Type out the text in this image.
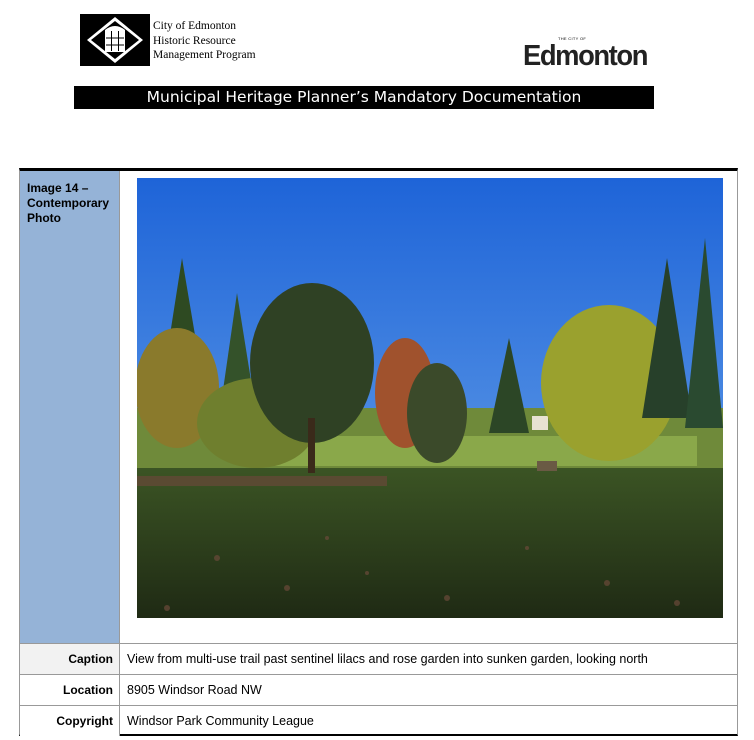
City of Edmonton
Historic Resource
Management Program
THE CITY OF
Edmonton
Municipal Heritage Planner’s Mandatory Documentation
Image 14 – Contemporary Photo
Caption	View from multi-use trail past sentinel lilacs and rose garden into sunken garden, looking north
Location	8905 Windsor Road NW
Copyright	Windsor Park Community League
